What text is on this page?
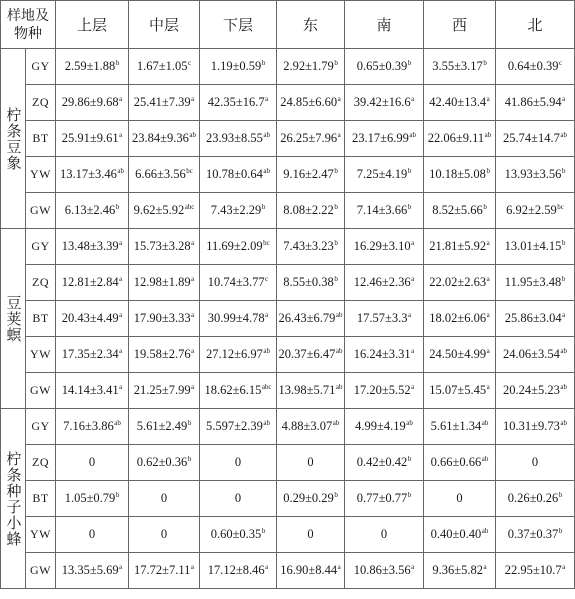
样地及物种		上层	中层	下层	东	南	西	北
柠条豆象	GY	2.59±1.88$^b$	1.67±1.05$^c$	1.19±0.59$^b$	2.92±1.79$^b$	0.65±0.39$^b$	3.55±3.17$^b$	0.64±0.39$^c$
	ZQ	29.86±9.68$^a$	25.41±7.39$^a$	42.35±16.7$^a$	24.85±6.60$^a$	39.42±16.6$^a$	42.40±13.4$^a$	41.86±5.94$^a$
	BT	25.91±9.61$^a$	23.84±9.36$^{ab}$	23.93±8.55$^{ab}$	26.25±7.96$^a$	23.17±6.99$^{ab}$	22.06±9.11$^{ab}$	25.74±14.7$^{ab}$
	YW	13.17±3.46$^{ab}$	6.66±3.56$^{bc}$	10.78±0.64$^{ab}$	9.16±2.47$^b$	7.25±4.19$^b$	10.18±5.08$^b$	13.93±3.56$^b$
	GW	6.13±2.46$^b$	9.62±5.92$^{abc}$	7.43±2.29$^b$	8.08±2.22$^b$	7.14±3.66$^b$	8.52±5.66$^b$	6.92±2.59$^{bc}$
豆荚螟	GY	13.48±3.39$^a$	15.73±3.28$^a$	11.69±2.09$^{bc}$	7.43±3.23$^b$	16.29±3.10$^a$	21.81±5.92$^a$	13.01±4.15$^b$
	ZQ	12.81±2.84$^a$	12.98±1.89$^a$	10.74±3.77$^c$	8.55±0.38$^b$	12.46±2.36$^a$	22.02±2.63$^a$	11.95±3.48$^b$
	BT	20.43±4.49$^a$	17.90±3.33$^a$	30.99±4.78$^a$	26.43±6.79$^{ab}$	17.57±3.3$^a$	18.02±6.06$^a$	25.86±3.04$^a$
	YW	17.35±2.34$^a$	19.58±2.76$^a$	27.12±6.97$^{ab}$	20.37±6.47$^{ab}$	16.24±3.31$^a$	24.50±4.99$^a$	24.06±3.54$^{ab}$
	GW	14.14±3.41$^a$	21.25±7.99$^a$	18.62±6.15$^{abc}$	13.98±5.71$^{ab}$	17.20±5.52$^a$	15.07±5.45$^a$	20.24±5.23$^{ab}$
柠条种子小蜂	GY	7.16±3.86$^{ab}$	5.61±2.49$^b$	5.597±2.39$^{ab}$	4.88±3.07$^{ab}$	4.99±4.19$^{ab}$	5.61±1.34$^{ab}$	10.31±9.73$^{ab}$
	ZQ	0	0.62±0.36$^b$	0	0	0.42±0.42$^b$	0.66±0.66$^{ab}$	0
	BT	1.05±0.79$^b$	0	0	0.29±0.29$^b$	0.77±0.77$^b$	0	0.26±0.26$^b$
	YW	0	0	0.60±0.35$^b$	0	0	0.40±0.40$^{ab}$	0.37±0.37$^b$
	GW	13.35±5.69$^a$	17.72±7.11$^a$	17.12±8.46$^a$	16.90±8.44$^a$	10.86±3.56$^a$	9.36±5.82$^a$	22.95±10.7$^a$
